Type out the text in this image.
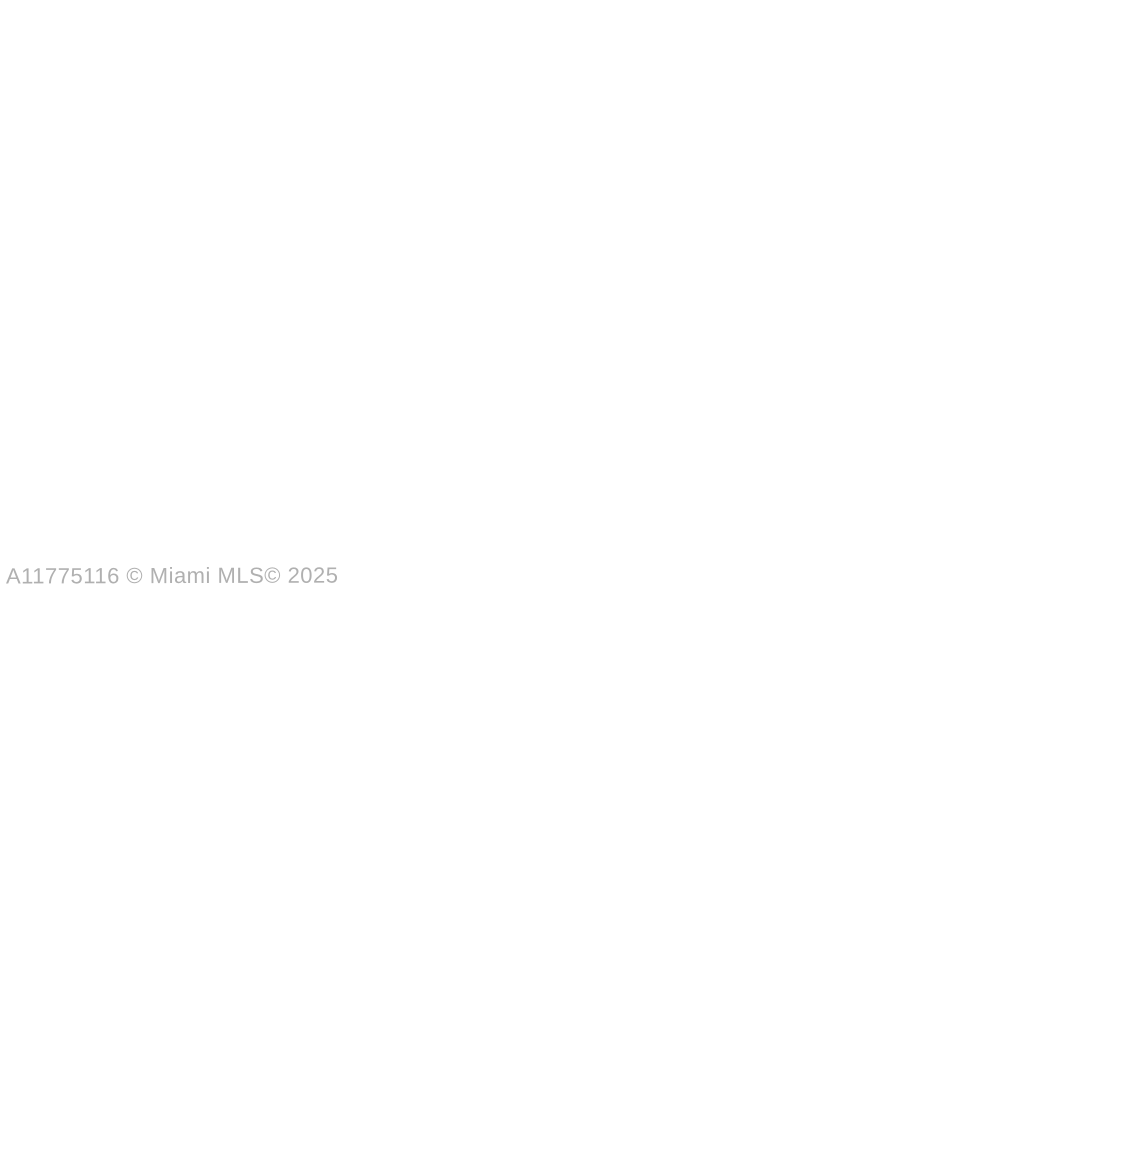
A11775116 © Miami MLS© 2025
